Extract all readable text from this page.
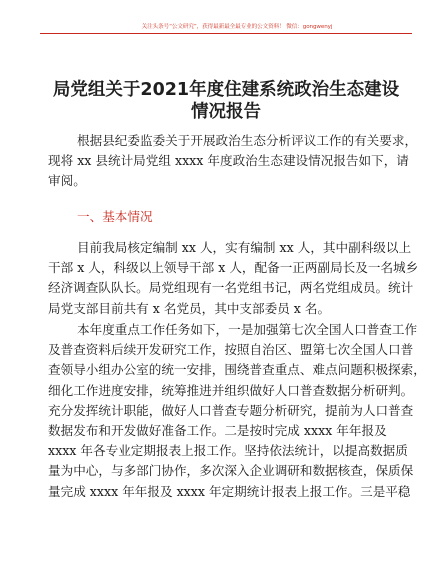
关注头条号“公文研究”，获得最新最全最专业的公文资料！ 微信：gongwenyj
局党组关于2021年度住建系统政治生态建设
情况报告
根据县纪委监委关于开展政治生态分析评议工作的有关要求，
现将 xx 县统计局党组 xxxx 年度政治生态建设情况报告如下，请
审阅。
一、基本情况
目前我局核定编制 xx 人，实有编制 xx 人，其中副科级以上
干部 x 人，科级以上领导干部 x 人，配备一正两副局长及一名城乡
经济调查队队长。局党组现有一名党组书记，两名党组成员。统计
局党支部目前共有 x 名党员，其中支部委员 x 名。
本年度重点工作任务如下，一是加强第七次全国人口普查工作
及普查资料后续开发研究工作，按照自治区、盟第七次全国人口普
查领导小组办公室的统一安排，围绕普查重点、难点问题积极探索，
细化工作进度安排，统筹推进并组织做好人口普查数据分析研判。
充分发挥统计职能，做好人口普查专题分析研究，提前为人口普查
数据发布和开发做好准备工作。二是按时完成 xxxx 年年报及
xxxx 年各专业定期报表上报工作。坚持依法统计，以提高数据质
量为中心，与多部门协作，多次深入企业调研和数据核查，保质保
量完成 xxxx 年年报及 xxxx 年定期统计报表上报工作。三是平稳
